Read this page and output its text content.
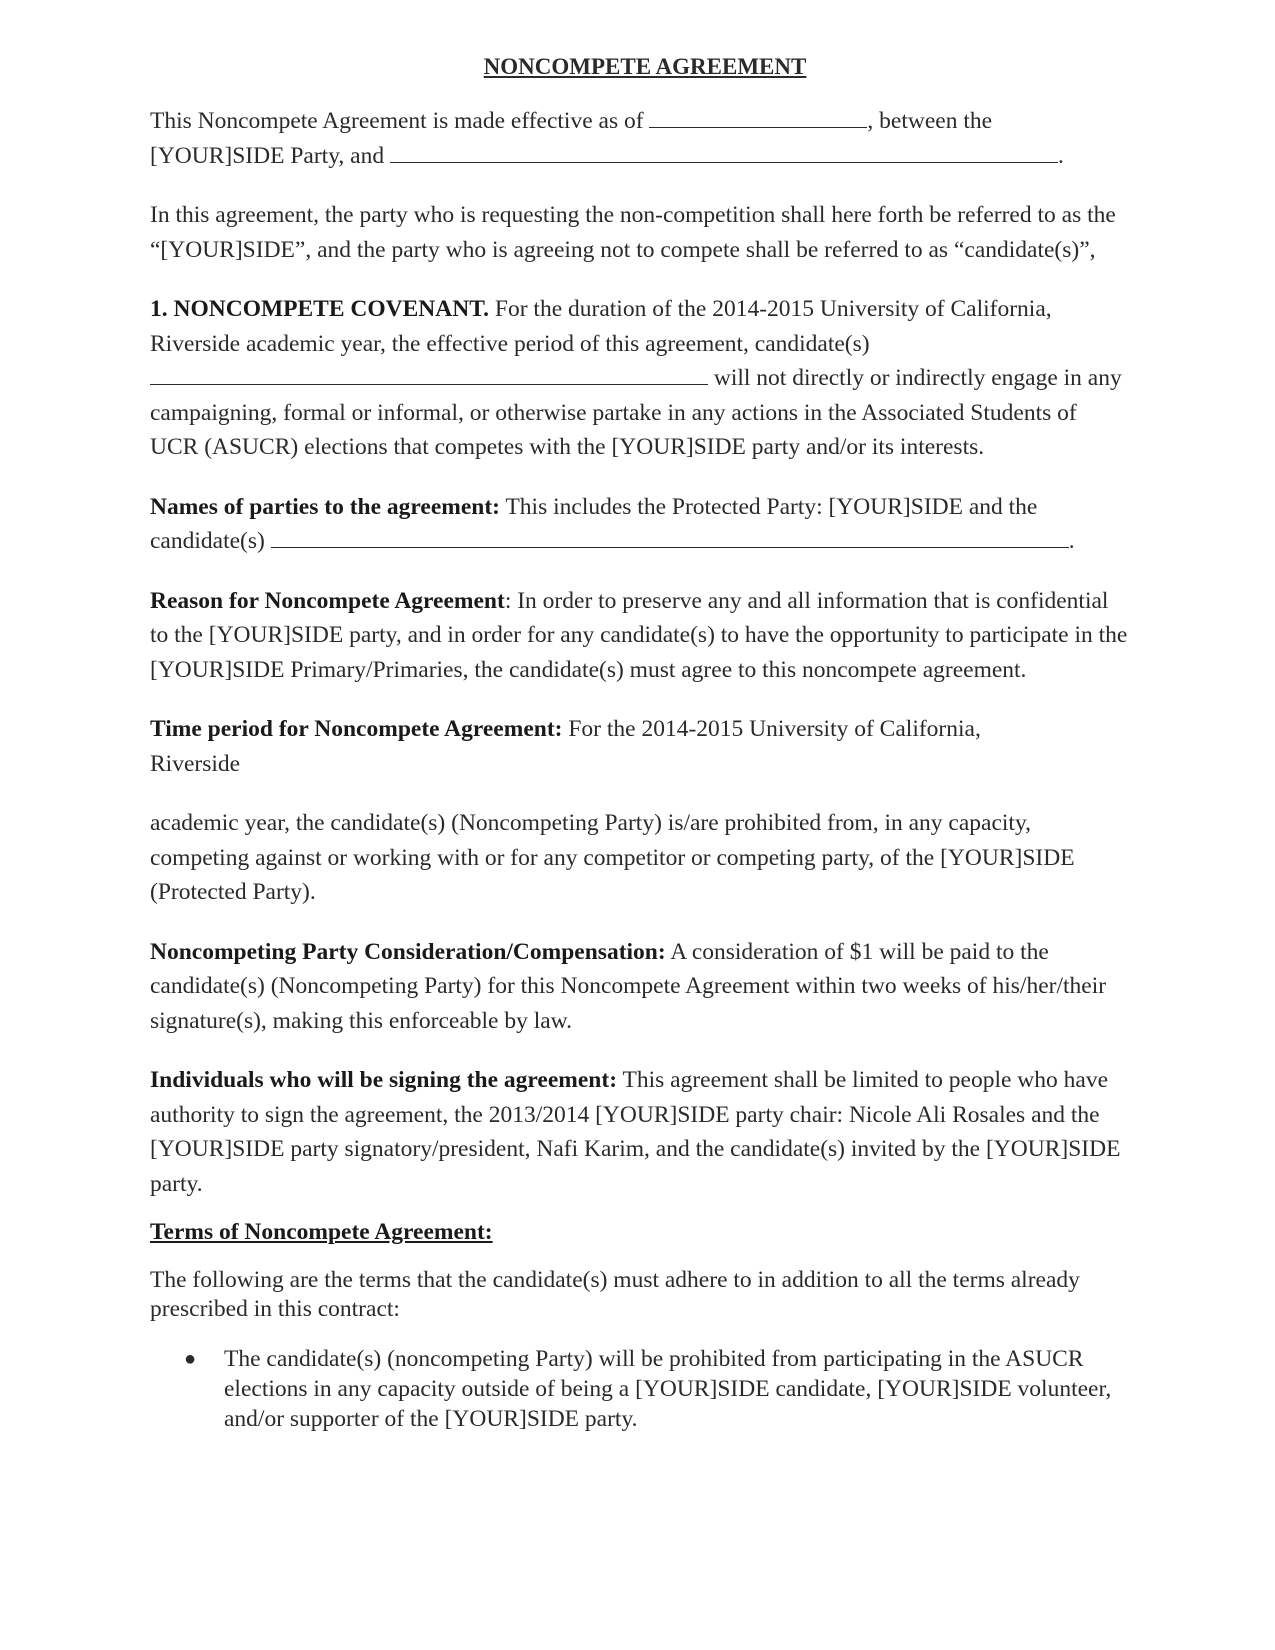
NONCOMPETE AGREEMENT

This Noncompete Agreement is made effective as of	, between the
[YOUR]SIDE Party, and	.

In this agreement, the party who is requesting the non-competition shall here forth be referred to as the “[YOUR]SIDE”, and the party who is agreeing not to compete shall be referred to as “candidate(s)”,

1. NONCOMPETE COVENANT. For the duration of the 2014-2015 University of California, Riverside academic year, the effective period of this agreement, candidate(s)
will not directly or indirectly engage in any campaigning, formal or informal, or otherwise partake in any actions in the Associated Students of UCR (ASUCR) elections that competes with the [YOUR]SIDE party and/or its interests.

Names of parties to the agreement: This includes the Protected Party: [YOUR]SIDE and the
candidate(s)	.

Reason for Noncompete Agreement: In order to preserve any and all information that is confidential to the [YOUR]SIDE party, and in order for any candidate(s) to have the opportunity to participate in the [YOUR]SIDE Primary/Primaries, the candidate(s) must agree to this noncompete agreement.

Time period for Noncompete Agreement: For the 2014-2015 University of California,
Riverside

academic year, the candidate(s) (Noncompeting Party) is/are prohibited from, in any capacity, competing against or working with or for any competitor or competing party, of the [YOUR]SIDE (Protected Party).

Noncompeting Party Consideration/Compensation: A consideration of $1 will be paid to the candidate(s) (Noncompeting Party) for this Noncompete Agreement within two weeks of his/her/their signature(s), making this enforceable by law.

Individuals who will be signing the agreement: This agreement shall be limited to people who have authority to sign the agreement, the 2013/2014 [YOUR]SIDE party chair: Nicole Ali Rosales and the [YOUR]SIDE party signatory/president, Nafi Karim, and the candidate(s) invited by the [YOUR]SIDE party.

Terms of Noncompete Agreement:

The following are the terms that the candidate(s) must adhere to in addition to all the terms already prescribed in this contract:

● The candidate(s) (noncompeting Party) will be prohibited from participating in the ASUCR elections in any capacity outside of being a [YOUR]SIDE candidate, [YOUR]SIDE volunteer, and/or supporter of the [YOUR]SIDE party.
